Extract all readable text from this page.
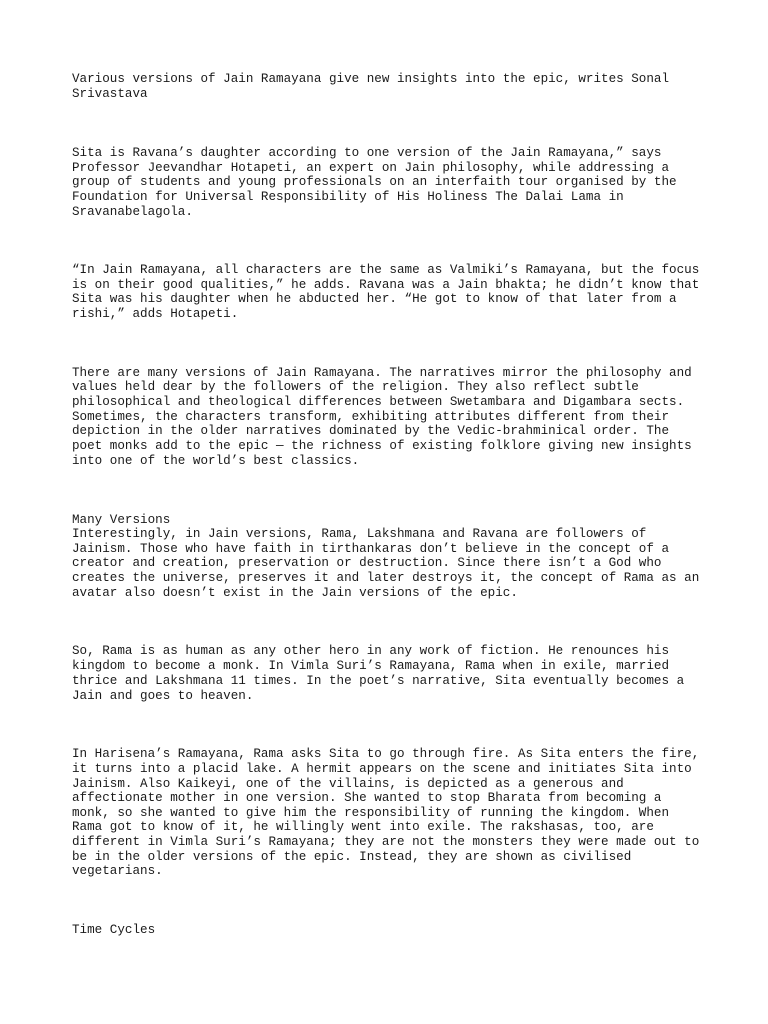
Various versions of Jain Ramayana give new insights into the epic, writes Sonal

Srivastava

Sita is Ravana’s daughter according to one version of the Jain Ramayana,” says

Professor Jeevandhar Hotapeti, an expert on Jain philosophy, while addressing a

group of students and young professionals on an interfaith tour organised by the

Foundation for Universal Responsibility of His Holiness The Dalai Lama in

Sravanabelagola.

“In Jain Ramayana, all characters are the same as Valmiki’s Ramayana, but the focus

is on their good qualities,” he adds. Ravana was a Jain bhakta; he didn’t know that

Sita was his daughter when he abducted her. “He got to know of that later from a

rishi,” adds Hotapeti.

There are many versions of Jain Ramayana. The narratives mirror the philosophy and

values held dear by the followers of the religion. They also reflect subtle

philosophical and theological differences between Swetambara and Digambara sects.

Sometimes, the characters transform, exhibiting attributes different from their

depiction in the older narratives dominated by the Vedic-brahminical order. The

poet monks add to the epic — the richness of existing folklore giving new insights

into one of the world’s best classics.

Many Versions

Interestingly, in Jain versions, Rama, Lakshmana and Ravana are followers of

Jainism. Those who have faith in tirthankaras don’t believe in the concept of a

creator and creation, preservation or destruction. Since there isn’t a God who

creates the universe, preserves it and later destroys it, the concept of Rama as an

avatar also doesn’t exist in the Jain versions of the epic.

So, Rama is as human as any other hero in any work of fiction. He renounces his

kingdom to become a monk. In Vimla Suri’s Ramayana, Rama when in exile, married

thrice and Lakshmana 11 times. In the poet’s narrative, Sita eventually becomes a

Jain and goes to heaven.

In Harisena’s Ramayana, Rama asks Sita to go through fire. As Sita enters the fire,

it turns into a placid lake. A hermit appears on the scene and initiates Sita into

Jainism. Also Kaikeyi, one of the villains, is depicted as a generous and

affectionate mother in one version. She wanted to stop Bharata from becoming a

monk, so she wanted to give him the responsibility of running the kingdom. When

Rama got to know of it, he willingly went into exile. The rakshasas, too, are

different in Vimla Suri’s Ramayana; they are not the monsters they were made out to

be in the older versions of the epic. Instead, they are shown as civilised

vegetarians.

Time Cycles
